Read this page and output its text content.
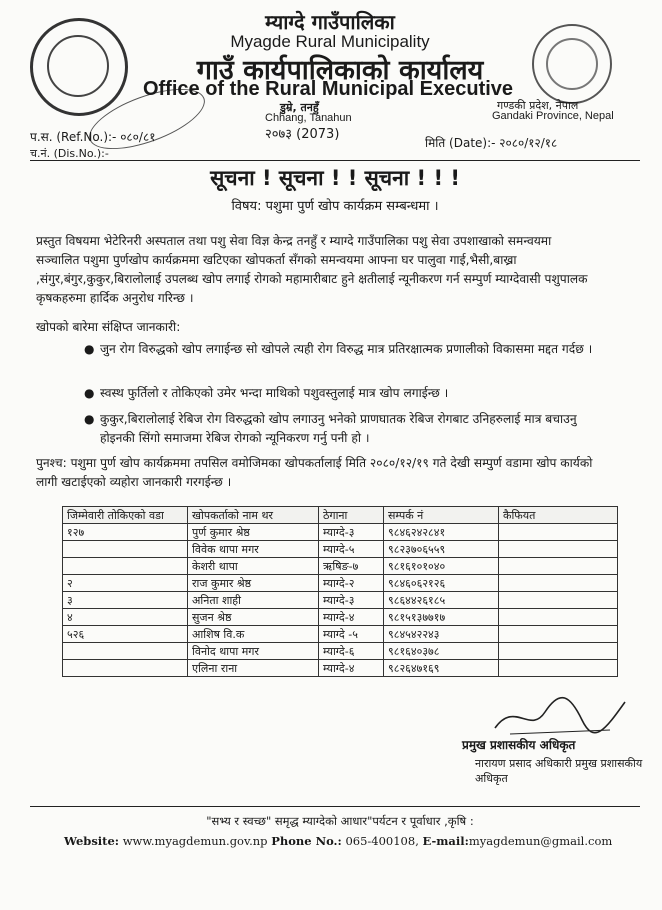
म्याग्दे गाउँपालिका
Myagde Rural Municipality
गाउँ कार्यपालिकाको कार्यालय
Office of the Rural Municipal Executive
डुम्रे, तनहुँ
Chhang, Tanahun
२०७३ (2073)
गण्डकी प्रदेश, नेपाल
Gandaki Province, Nepal
प.स. (Ref.No.):- ०८०/८१
च.नं. (Dis.No.):-
मिति (Date):- २०८०/१२/१८
सूचना ! सूचना ! ! सूचना ! ! !
विषय: पशुमा पुर्ण खोप कार्यक्रम सम्बन्धमा ।
प्रस्तुत विषयमा भेटेरिनरी अस्पताल तथा पशु सेवा विज्ञ केन्द्र तनहुँ र म्याग्दे गाउँपालिका पशु सेवा उपशाखाको समन्वयमा सञ्चालित पशुमा पुर्णखोप कार्यक्रममा खटिएका खोपकर्ता सँगको समन्वयमा आफ्ना घर पालुवा गाई,भैसी,बाख्रा ,संगुर,बंगुर,कुकुर,बिरालोलाई उपलब्ध खोप लगाई रोगको महामारीबाट हुने क्षतीलाई न्यूनीकरण गर्न सम्पुर्ण म्याग्देवासी पशुपालक कृषकहरुमा हार्दिक अनुरोध गरिन्छ ।
खोपको बारेमा संक्षिप्त जानकारी:
● जुन रोग विरुद्धको खोप लगाईन्छ सो खोपले त्यही रोग विरुद्ध मात्र प्रतिरक्षात्मक प्रणालीको विकासमा मद्दत गर्दछ ।
● स्वस्थ फुर्तिलो र तोकिएको उमेर भन्दा माथिको पशुवस्तुलाई मात्र खोप लगाईन्छ ।
● कुकुर,बिरालोलाई रेबिज रोग विरुद्धको खोप लगाउनु भनेको प्राणघातक रेबिज रोगबाट उनिहरुलाई मात्र बचाउनु होइनकी सिंगो समाजमा रेबिज रोगको न्यूनिकरण गर्नु पनी हो ।
पुनश्च: पशुमा पुर्ण खोप कार्यक्रममा तपसिल वमोजिमका खोपकर्तालाई मिति २०८०/१२/१९ गते देखी सम्पुर्ण वडामा खोप कार्यको लागी खटाईएको व्यहोरा जानकारी गरगईन्छ ।
जिम्मेवारी तोकिएको वडा	खोपकर्ताको नाम थर	ठेगाना	सम्पर्क नं	कैफियत
१२७	पुर्ण कुमार श्रेष्ठ	म्याग्दे-३	९८४६२४२८४१	
	विवेक थापा मगर	म्याग्दे-५	९८२३७०६५५९	
	केशरी थापा	ऋषिङ-७	९८१६१०१०४०	
२	राज कुमार श्रेष्ठ	म्याग्दे-२	९८४६०६२१२६	
३	अनिता शाही	म्याग्दे-३	९८६४४२६१८५	
४	सुजन श्रेष्ठ	म्याग्दे-४	९८१५१३७७१७	
५२६	आशिष वि.क	म्याग्दे -५	९८४५४२२४३	
	विनोद थापा मगर	म्याग्दे-६	९८१६४०३७८	
	एलिना राना	म्याग्दे-४	९८२६४७१६९	
प्रमुख प्रशासकीय अधिकृत
नारायण प्रसाद अधिकारी प्रमुख प्रशासकीय अधिकृत
"सभ्य र स्वच्छ" समृद्ध म्याग्देको आधार"पर्यटन र पूर्वाधार ,कृषि :
Website: www.myagdemun.gov.np Phone No.: 065-400108, E-mail:myagdemun@gmail.com
